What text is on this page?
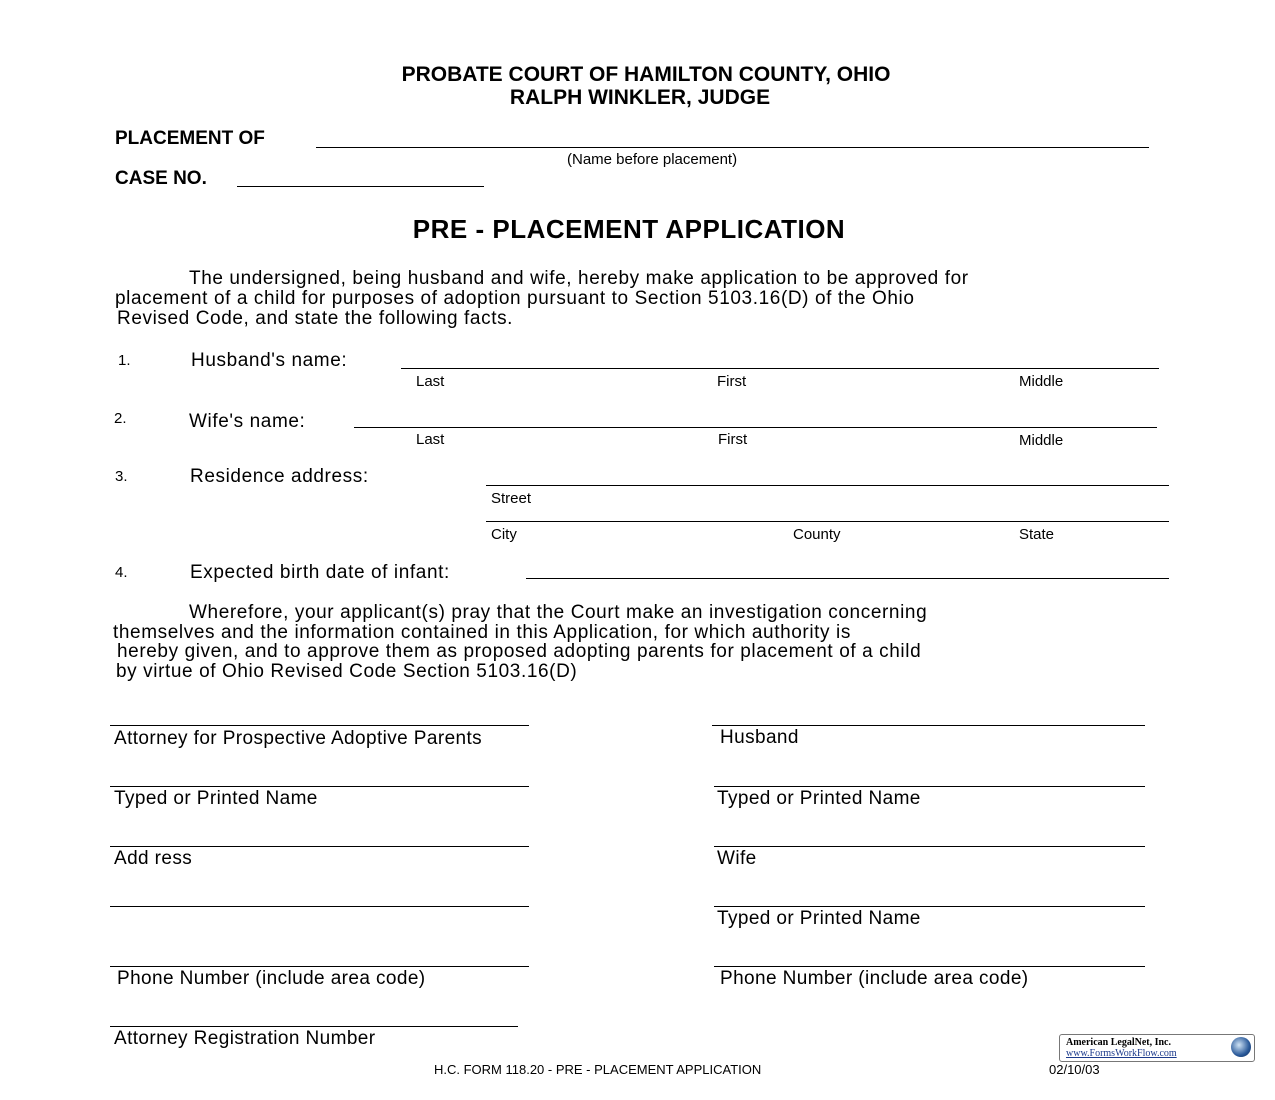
PROBATE COURT OF HAMILTON COUNTY, OHIO
RALPH WINKLER, JUDGE
PLACEMENT OF
(Name before placement)
CASE NO.
PRE - PLACEMENT APPLICATION
The undersigned, being husband and wife, hereby make application to be approved for
placement of a child for purposes of adoption pursuant to Section 5103.16(D) of the Ohio
Revised Code, and state the following facts.
1.	Husband's name:
Last	First	Middle
2.	Wife's name:
Last	First	Middle
3.	Residence address:
Street
City	County	State
4.	Expected birth date of infant:
Wherefore, your applicant(s) pray that the Court make an investigation concerning
themselves and the information contained in this Application, for which authority is
hereby given, and to approve them as proposed adopting parents for placement of a child
by virtue of Ohio Revised Code Section 5103.16(D)
Attorney for Prospective Adoptive Parents
Typed or Printed Name
Add ress
Phone Number (include area code)
Attorney Registration Number
Husband
Typed or Printed Name
Wife
Typed or Printed Name
Phone Number (include area code)
H.C. FORM 118.20 - PRE - PLACEMENT APPLICATION	02/10/03
American LegalNet, Inc.
www.FormsWorkFlow.com
